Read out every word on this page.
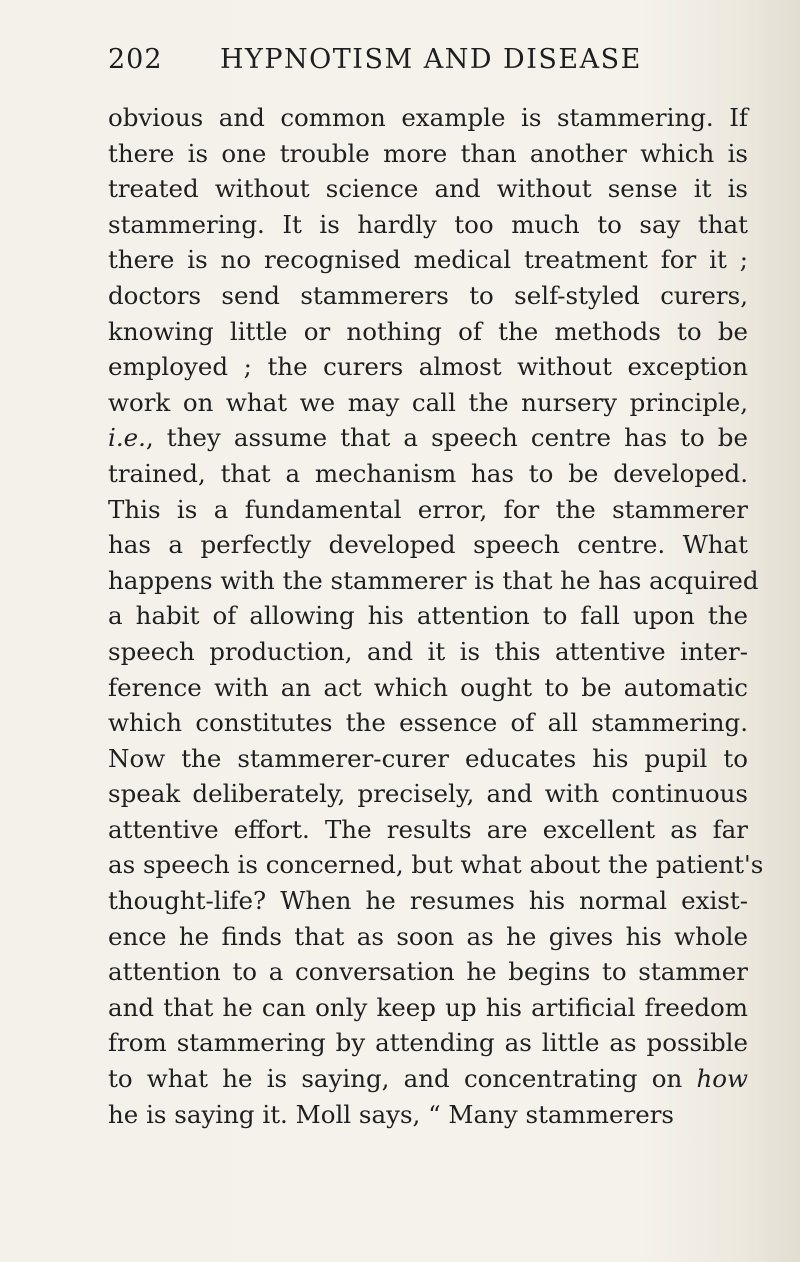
202 HYPNOTISM AND DISEASE
obvious and common example is stammering. If
there is one trouble more than another which is
treated without science and without sense it is
stammering. It is hardly too much to say that
there is no recognised medical treatment for it ;
doctors send stammerers to self-styled curers,
knowing little or nothing of the methods to be
employed ; the curers almost without exception
work on what we may call the nursery principle,
i.e., they assume that a speech centre has to be
trained, that a mechanism has to be developed.
This is a fundamental error, for the stammerer
has a perfectly developed speech centre. What
happens with the stammerer is that he has acquired
a habit of allowing his attention to fall upon the
speech production, and it is this attentive inter-
ference with an act which ought to be automatic
which constitutes the essence of all stammering.
Now the stammerer-curer educates his pupil to
speak deliberately, precisely, and with continuous
attentive effort. The results are excellent as far
as speech is concerned, but what about the patient's
thought-life? When he resumes his normal exist-
ence he finds that as soon as he gives his whole
attention to a conversation he begins to stammer
and that he can only keep up his artificial freedom
from stammering by attending as little as possible
to what he is saying, and concentrating on how
he is saying it. Moll says, “ Many stammerers
